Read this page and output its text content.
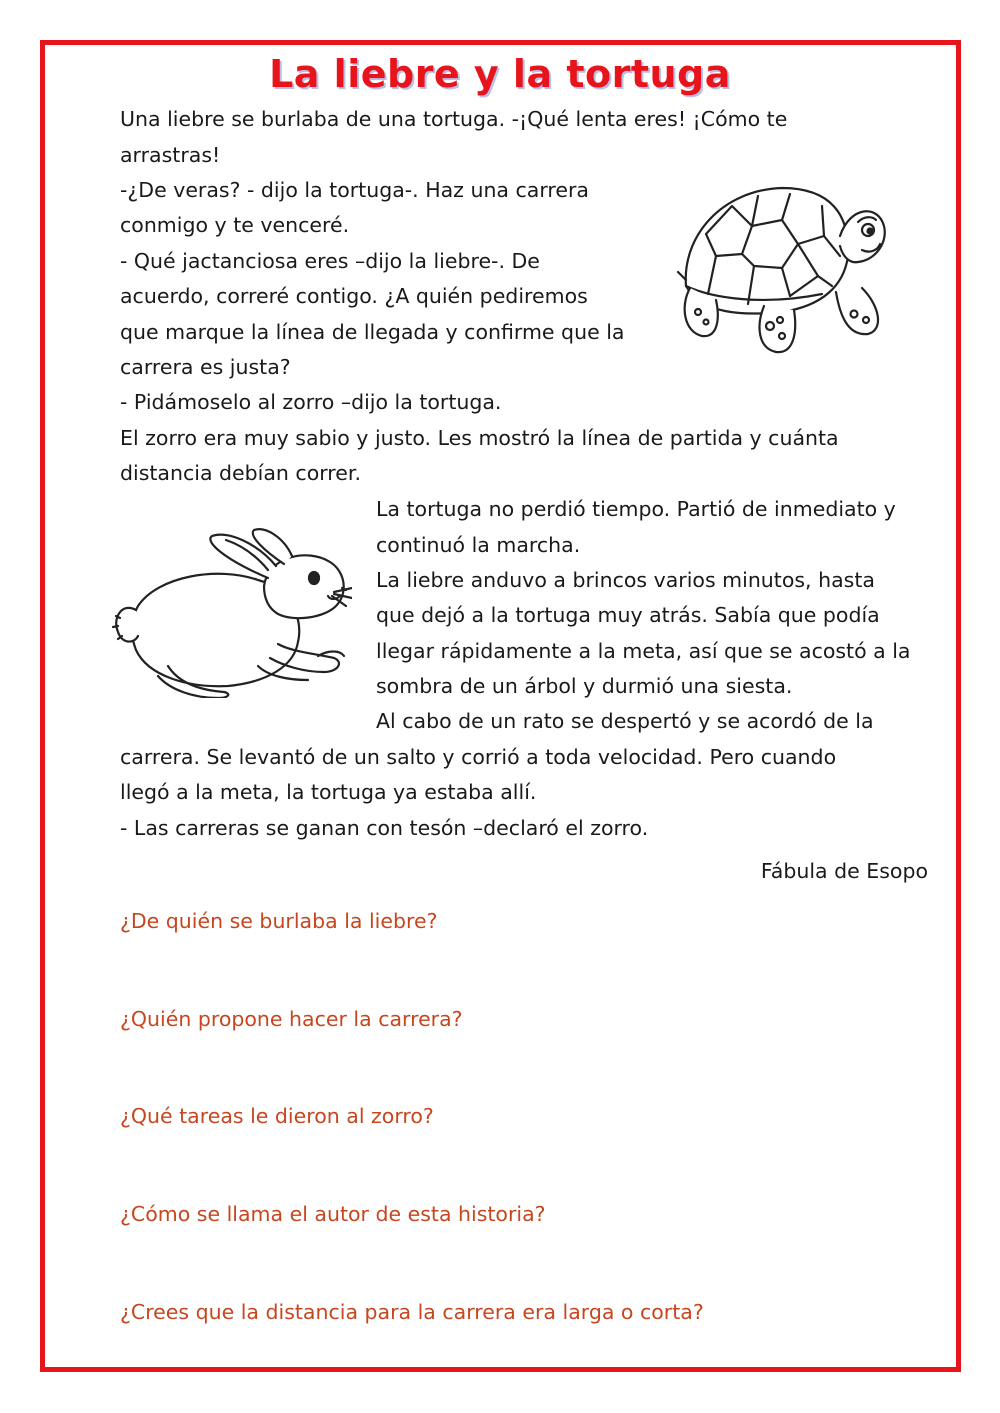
La liebre y la tortuga
Una liebre se burlaba de una tortuga. -¡Qué lenta eres! ¡Cómo te
arrastras!
-¿De veras? - dijo la tortuga-. Haz una carrera
conmigo y te venceré.
- Qué jactanciosa eres –dijo la liebre-. De
acuerdo, correré contigo. ¿A quién pediremos
que marque la línea de llegada y confirme que la
carrera es justa?
- Pidámoselo al zorro –dijo la tortuga.
El zorro era muy sabio y justo. Les mostró la línea de partida y cuánta
distancia debían correr.
La tortuga no perdió tiempo. Partió de inmediato y
continuó la marcha.
La liebre anduvo a brincos varios minutos, hasta
que dejó a la tortuga muy atrás. Sabía que podía
llegar rápidamente a la meta, así que se acostó a la
sombra de un árbol y durmió una siesta.
Al cabo de un rato se despertó y se acordó de la
carrera. Se levantó de un salto y corrió a toda velocidad. Pero cuando
llegó a la meta, la tortuga ya estaba allí.
- Las carreras se ganan con tesón –declaró el zorro.
Fábula de Esopo
¿De quién se burlaba la liebre?
¿Quién propone hacer la carrera?
¿Qué tareas le dieron al zorro?
¿Cómo se llama el autor de esta historia?
¿Crees que la distancia para la carrera era larga o corta?
